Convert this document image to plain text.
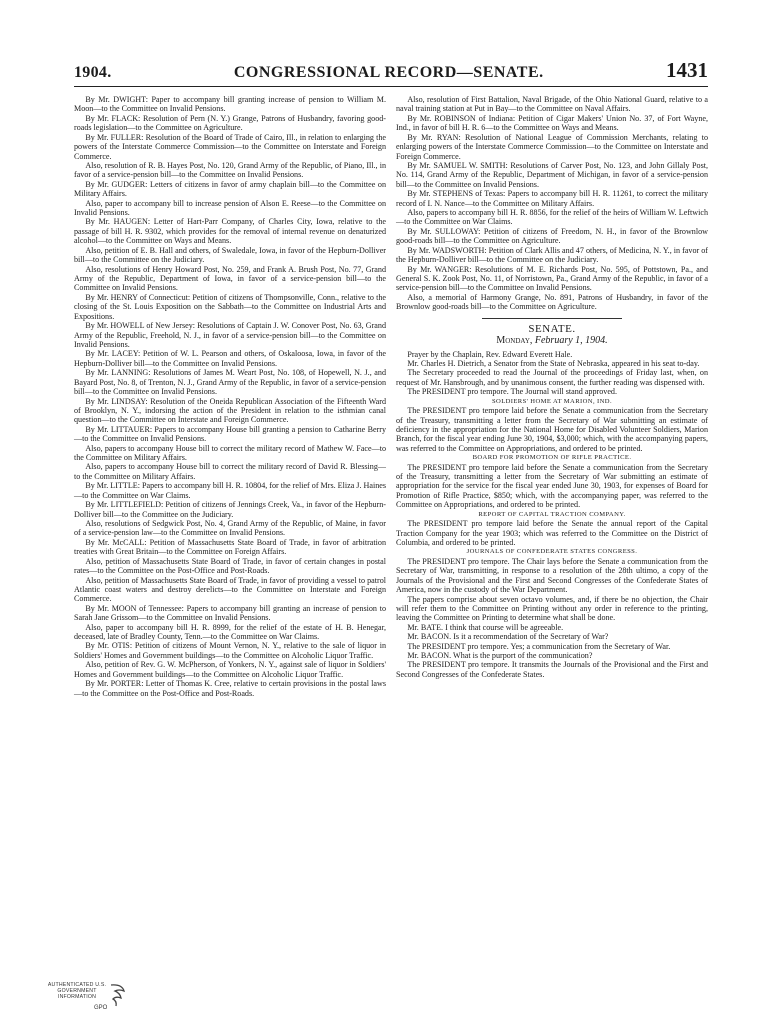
1904.	CONGRESSIONAL RECORD—SENATE.	1431

By Mr. DWIGHT: Paper to accompany bill granting increase of pension to William M. Moon—to the Committee on Invalid Pensions.

By Mr. FLACK: Resolution of Pern (N. Y.) Grange, Patrons of Husbandry, favoring good-roads legislation—to the Committee on Agriculture.

By Mr. FULLER: Resolution of the Board of Trade of Cairo, Ill., in relation to enlarging the powers of the Interstate Commerce Commission—to the Committee on Interstate and Foreign Commerce.

Also, resolution of R. B. Hayes Post, No. 120, Grand Army of the Republic, of Piano, Ill., in favor of a service-pension bill—to the Committee on Invalid Pensions.

By Mr. GUDGER: Letters of citizens in favor of army chaplain bill—to the Committee on Military Affairs.

Also, paper to accompany bill to increase pension of Alson E. Reese—to the Committee on Invalid Pensions.

By Mr. HAUGEN: Letter of Hart-Parr Company, of Charles City, Iowa, relative to the passage of bill H. R. 9302, which provides for the removal of internal revenue on denaturized alcohol—to the Committee on Ways and Means.

Also, petition of E. B. Hall and others, of Swaledale, Iowa, in favor of the Hepburn-Dolliver bill—to the Committee on the Judiciary.

Also, resolutions of Henry Howard Post, No. 259, and Frank A. Brush Post, No. 77, Grand Army of the Republic, Department of Iowa, in favor of a service-pension bill—to the Committee on Invalid Pensions.

By Mr. HENRY of Connecticut: Petition of citizens of Thompsonville, Conn., relative to the closing of the St. Louis Exposition on the Sabbath—to the Committee on Industrial Arts and Expositions.

By Mr. HOWELL of New Jersey: Resolutions of Captain J. W. Conover Post, No. 63, Grand Army of the Republic, Freehold, N. J., in favor of a service-pension bill—to the Committee on Invalid Pensions.

By Mr. LACEY: Petition of W. L. Pearson and others, of Oskaloosa, Iowa, in favor of the Hepburn-Dolliver bill—to the Committee on Invalid Pensions.

By Mr. LANNING: Resolutions of James M. Weart Post, No. 108, of Hopewell, N. J., and Bayard Post, No. 8, of Trenton, N. J., Grand Army of the Republic, in favor of a service-pension bill—to the Committee on Invalid Pensions.

By Mr. LINDSAY: Resolution of the Oneida Republican Association of the Fifteenth Ward of Brooklyn, N. Y., indorsing the action of the President in relation to the isthmian canal question—to the Committee on Interstate and Foreign Commerce.

By Mr. LITTAUER: Papers to accompany House bill granting a pension to Catharine Berry—to the Committee on Invalid Pensions.

Also, papers to accompany House bill to correct the military record of Mathew W. Face—to the Committee on Military Affairs.

Also, papers to accompany House bill to correct the military record of David R. Blessing—to the Committee on Military Affairs.

By Mr. LITTLE: Papers to accompany bill H. R. 10804, for the relief of Mrs. Eliza J. Haines—to the Committee on War Claims.

By Mr. LITTLEFIELD: Petition of citizens of Jennings Creek, Va., in favor of the Hepburn-Dolliver bill—to the Committee on the Judiciary.

Also, resolutions of Sedgwick Post, No. 4, Grand Army of the Republic, of Maine, in favor of a service-pension law—to the Committee on Invalid Pensions.

By Mr. McCALL: Petition of Massachusetts State Board of Trade, in favor of arbitration treaties with Great Britain—to the Committee on Foreign Affairs.

Also, petition of Massachusetts State Board of Trade, in favor of certain changes in postal rates—to the Committee on the Post-Office and Post-Roads.

Also, petition of Massachusetts State Board of Trade, in favor of providing a vessel to patrol Atlantic coast waters and destroy derelicts—to the Committee on Interstate and Foreign Commerce.

By Mr. MOON of Tennessee: Papers to accompany bill granting an increase of pension to Sarah Jane Grissom—to the Committee on Invalid Pensions.

Also, paper to accompany bill H. R. 8999, for the relief of the estate of H. B. Henegar, deceased, late of Bradley County, Tenn.—to the Committee on War Claims.

By Mr. OTIS: Petition of citizens of Mount Vernon, N. Y., relative to the sale of liquor in Soldiers' Homes and Government buildings—to the Committee on Alcoholic Liquor Traffic.

Also, petition of Rev. G. W. McPherson, of Yonkers, N. Y., against sale of liquor in Soldiers' Homes and Government buildings—to the Committee on Alcoholic Liquor Traffic.

By Mr. PORTER: Letter of Thomas K. Cree, relative to certain provisions in the postal laws—to the Committee on the Post-Office and Post-Roads.

Also, resolution of First Battalion, Naval Brigade, of the Ohio National Guard, relative to a naval training station at Put in Bay—to the Committee on Naval Affairs.

By Mr. ROBINSON of Indiana: Petition of Cigar Makers' Union No. 37, of Fort Wayne, Ind., in favor of bill H. R. 6—to the Committee on Ways and Means.

By Mr. RYAN: Resolution of National League of Commission Merchants, relating to enlarging powers of the Interstate Commerce Commission—to the Committee on Interstate and Foreign Commerce.

By Mr. SAMUEL W. SMITH: Resolutions of Carver Post, No. 123, and John Gillaly Post, No. 114, Grand Army of the Republic, Department of Michigan, in favor of a service-pension bill—to the Committee on Invalid Pensions.

By Mr. STEPHENS of Texas: Papers to accompany bill H. R. 11261, to correct the military record of I. N. Nance—to the Committee on Military Affairs.

Also, papers to accompany bill H. R. 8856, for the relief of the heirs of William W. Leftwich—to the Committee on War Claims.

By Mr. SULLOWAY: Petition of citizens of Freedom, N. H., in favor of the Brownlow good-roads bill—to the Committee on Agriculture.

By Mr. WADSWORTH: Petition of Clark Allis and 47 others, of Medicina, N. Y., in favor of the Hepburn-Dolliver bill—to the Committee on the Judiciary.

By Mr. WANGER: Resolutions of M. E. Richards Post, No. 595, of Pottstown, Pa., and General S. K. Zook Post, No. 11, of Norristown, Pa., Grand Army of the Republic, in favor of a service-pension bill—to the Committee on Invalid Pensions.

Also, a memorial of Harmony Grange, No. 891, Patrons of Husbandry, in favor of the Brownlow good-roads bill—to the Committee on Agriculture.

SENATE.
Monday, February 1, 1904.

Prayer by the Chaplain, Rev. Edward Everett Hale.

Mr. Charles H. Dietrich, a Senator from the State of Nebraska, appeared in his seat to-day.

The Secretary proceeded to read the Journal of the proceedings of Friday last, when, on request of Mr. Hansbrough, and by unanimous consent, the further reading was dispensed with.

The PRESIDENT pro tempore. The Journal will stand approved.

SOLDIERS' HOME AT MARION, IND.

The PRESIDENT pro tempore laid before the Senate a communication from the Secretary of the Treasury, transmitting a letter from the Secretary of War submitting an estimate of deficiency in the appropriation for the National Home for Disabled Volunteer Soldiers, Marion Branch, for the fiscal year ending June 30, 1904, $3,000; which, with the accompanying papers, was referred to the Committee on Appropriations, and ordered to be printed.

BOARD FOR PROMOTION OF RIFLE PRACTICE.

The PRESIDENT pro tempore laid before the Senate a communication from the Secretary of the Treasury, transmitting a letter from the Secretary of War submitting an estimate of appropriation for the service for the fiscal year ended June 30, 1903, for expenses of Board for Promotion of Rifle Practice, $850; which, with the accompanying paper, was referred to the Committee on Appropriations, and ordered to be printed.

REPORT OF CAPITAL TRACTION COMPANY.

The PRESIDENT pro tempore laid before the Senate the annual report of the Capital Traction Company for the year 1903; which was referred to the Committee on the District of Columbia, and ordered to be printed.

JOURNALS OF CONFEDERATE STATES CONGRESS.

The PRESIDENT pro tempore. The Chair lays before the Senate a communication from the Secretary of War, transmitting, in response to a resolution of the 28th ultimo, a copy of the Journals of the Provisional and the First and Second Congresses of the Confederate States of America, now in the custody of the War Department.

The papers comprise about seven octavo volumes, and, if there be no objection, the Chair will refer them to the Committee on Printing without any order in reference to the printing, leaving the Committee on Printing to determine what shall be done.

Mr. BATE. I think that course will be agreeable.

Mr. BACON. Is it a recommendation of the Secretary of War?

The PRESIDENT pro tempore. Yes; a communication from the Secretary of War.

Mr. BACON. What is the purport of the communication?

The PRESIDENT pro tempore. It transmits the Journals of the Provisional and the First and Second Congresses of the Confederate States.

AUTHENTICATED U.S. GOVERNMENT INFORMATION
GPO
